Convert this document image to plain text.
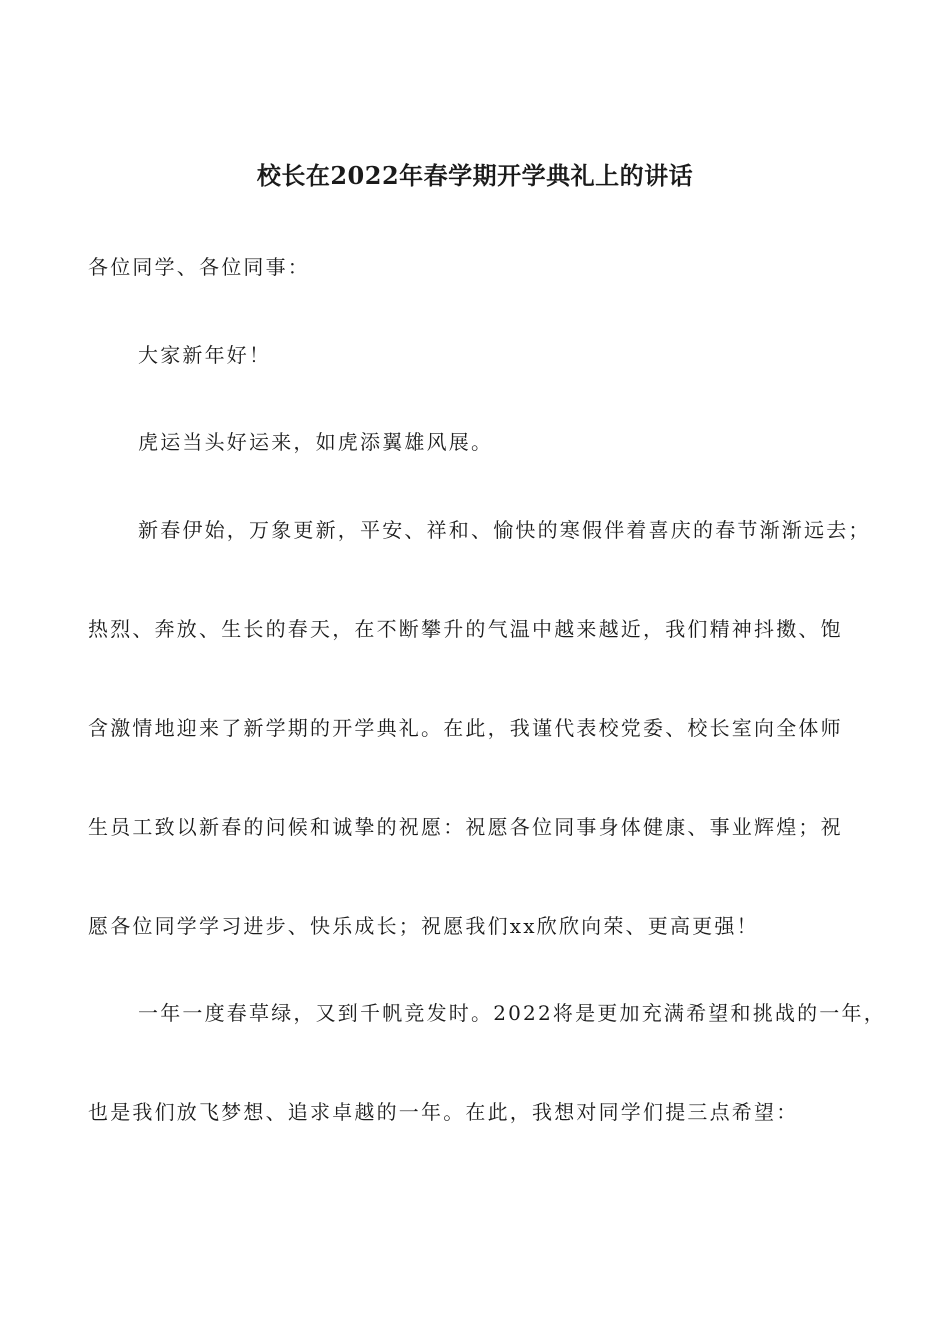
校长在2022年春学期开学典礼上的讲话
各位同学、各位同事：
大家新年好！
虎运当头好运来，如虎添翼雄风展。
新春伊始，万象更新，平安、祥和、愉快的寒假伴着喜庆的春节渐渐远去；
热烈、奔放、生长的春天，在不断攀升的气温中越来越近，我们精神抖擞、饱
含激情地迎来了新学期的开学典礼。在此，我谨代表校党委、校长室向全体师
生员工致以新春的问候和诚挚的祝愿：祝愿各位同事身体健康、事业辉煌；祝
愿各位同学学习进步、快乐成长；祝愿我们xx欣欣向荣、更高更强！
一年一度春草绿，又到千帆竞发时。2022将是更加充满希望和挑战的一年，
也是我们放飞梦想、追求卓越的一年。在此，我想对同学们提三点希望：
